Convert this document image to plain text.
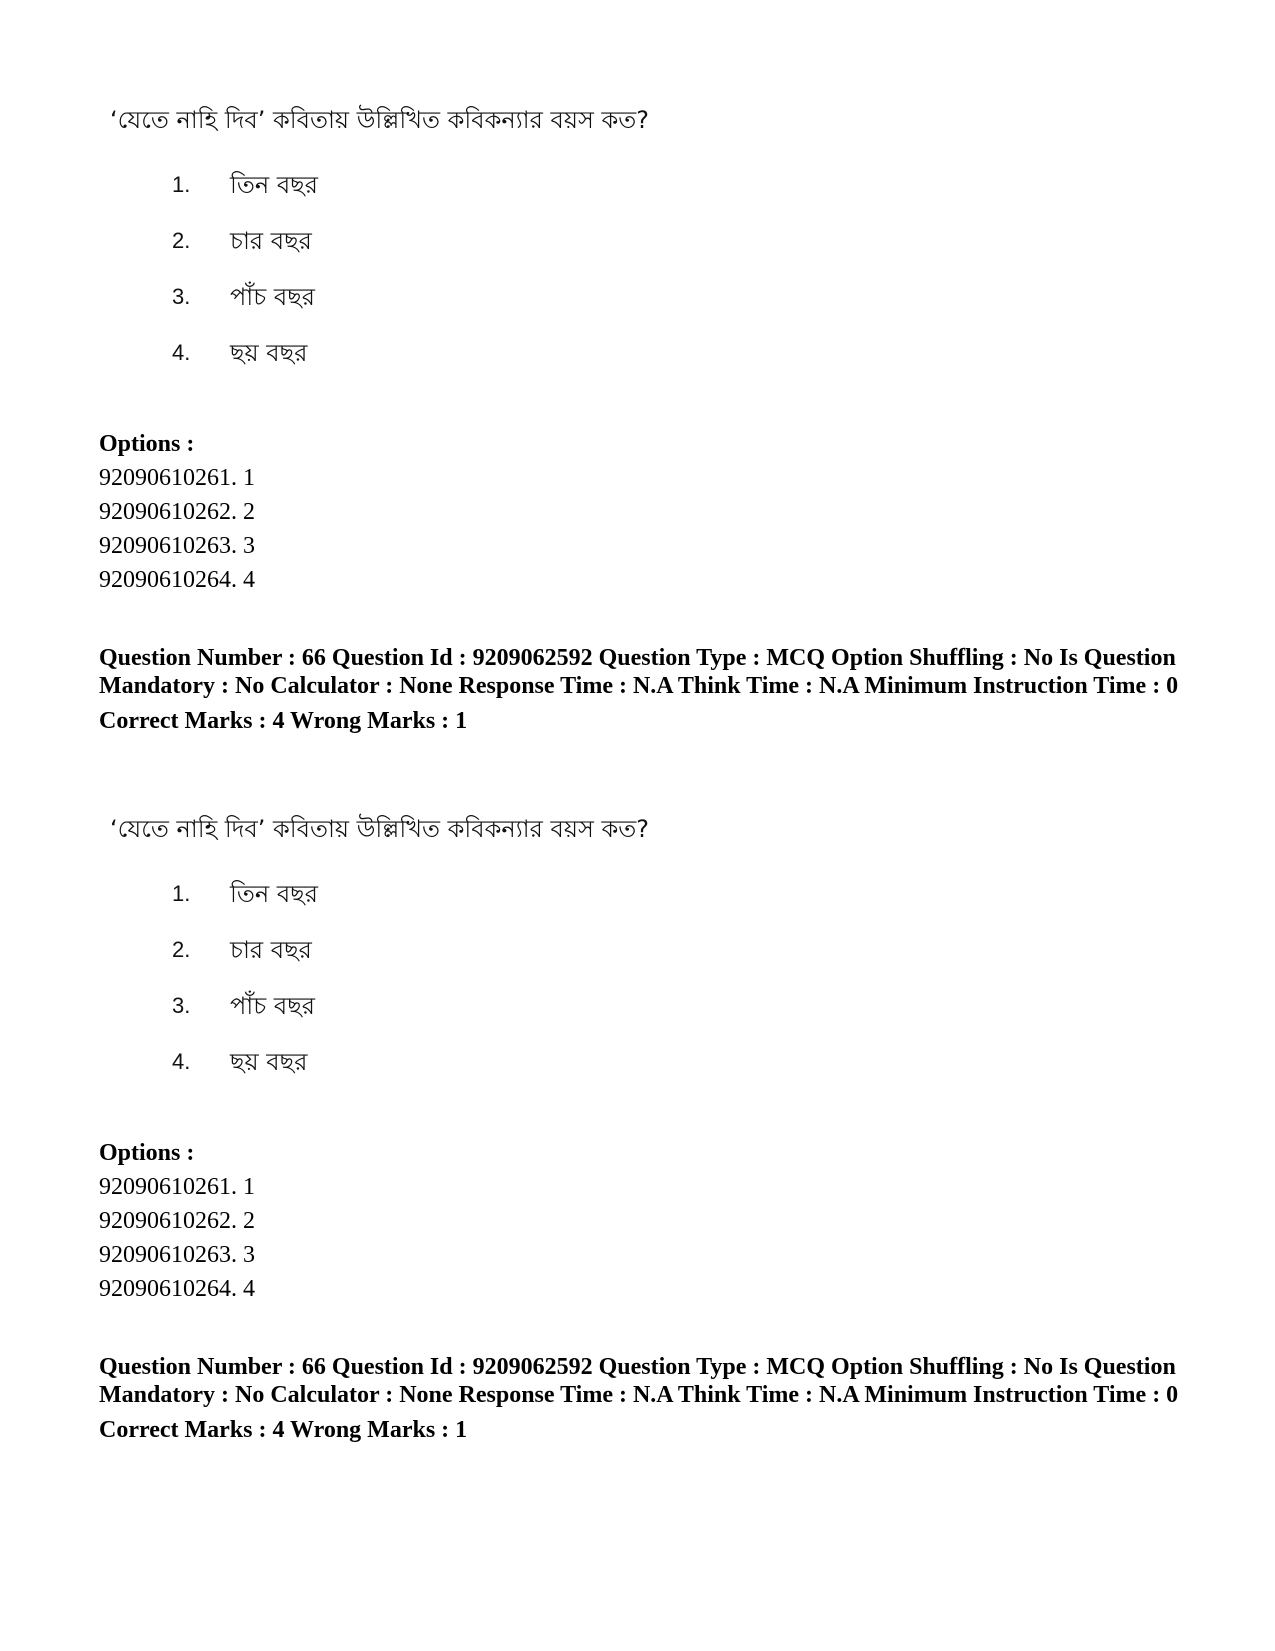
‘যেতে নাহি দিব’ কবিতায় উল্লিখিত কবিকন্যার বয়স কত?
1. তিন বছর
2. চার বছর
3. পাঁচ বছর
4. ছয় বছর
Options :
92090610261. 1
92090610262. 2
92090610263. 3
92090610264. 4
Question Number : 66 Question Id : 9209062592 Question Type : MCQ Option Shuffling : No Is Question Mandatory : No Calculator : None Response Time : N.A Think Time : N.A Minimum Instruction Time : 0
Correct Marks : 4 Wrong Marks : 1
‘যেতে নাহি দিব’ কবিতায় উল্লিখিত কবিকন্যার বয়স কত?
1. তিন বছর
2. চার বছর
3. পাঁচ বছর
4. ছয় বছর
Options :
92090610261. 1
92090610262. 2
92090610263. 3
92090610264. 4
Question Number : 66 Question Id : 9209062592 Question Type : MCQ Option Shuffling : No Is Question Mandatory : No Calculator : None Response Time : N.A Think Time : N.A Minimum Instruction Time : 0
Correct Marks : 4 Wrong Marks : 1
